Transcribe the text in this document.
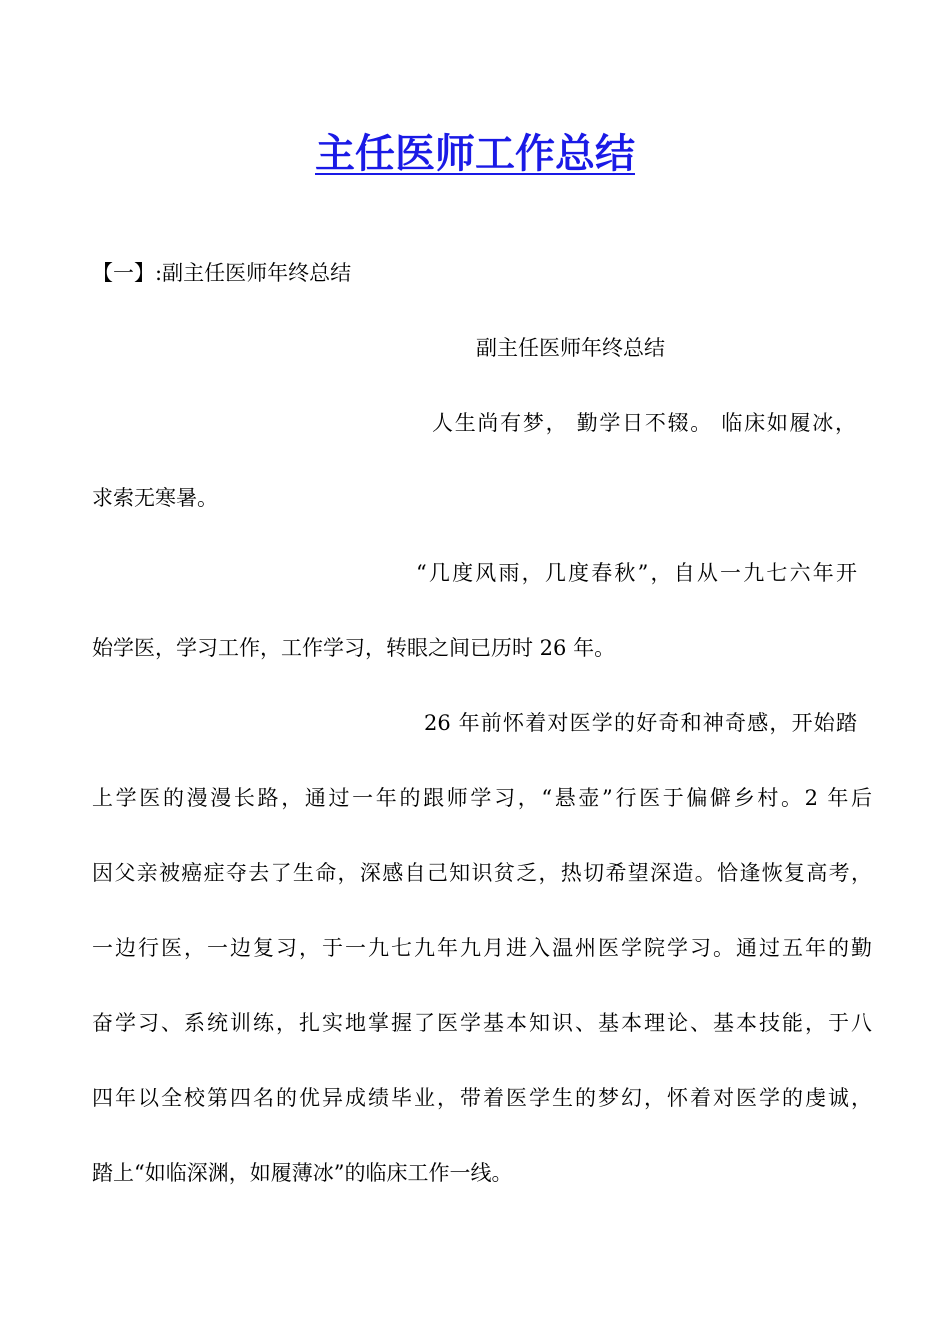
主任医师工作总结
【一】:副主任医师年终总结
副主任医师年终总结
人生尚有梦， 勤学日不辍。 临床如履冰，
求索无寒暑。
“几度风雨，几度春秋”，自从一九七六年开
始学医，学习工作，工作学习，转眼之间已历时 26 年。
26 年前怀着对医学的好奇和神奇感，开始踏
上学医的漫漫长路，通过一年的跟师学习，“悬壶”行医于偏僻乡村。2 年后
因父亲被癌症夺去了生命，深感自己知识贫乏，热切希望深造。恰逢恢复高考，
一边行医，一边复习，于一九七九年九月进入温州医学院学习。通过五年的勤
奋学习、系统训练，扎实地掌握了医学基本知识、基本理论、基本技能，于八
四年以全校第四名的优异成绩毕业，带着医学生的梦幻，怀着对医学的虔诚，
踏上“如临深渊，如履薄冰”的临床工作一线。
